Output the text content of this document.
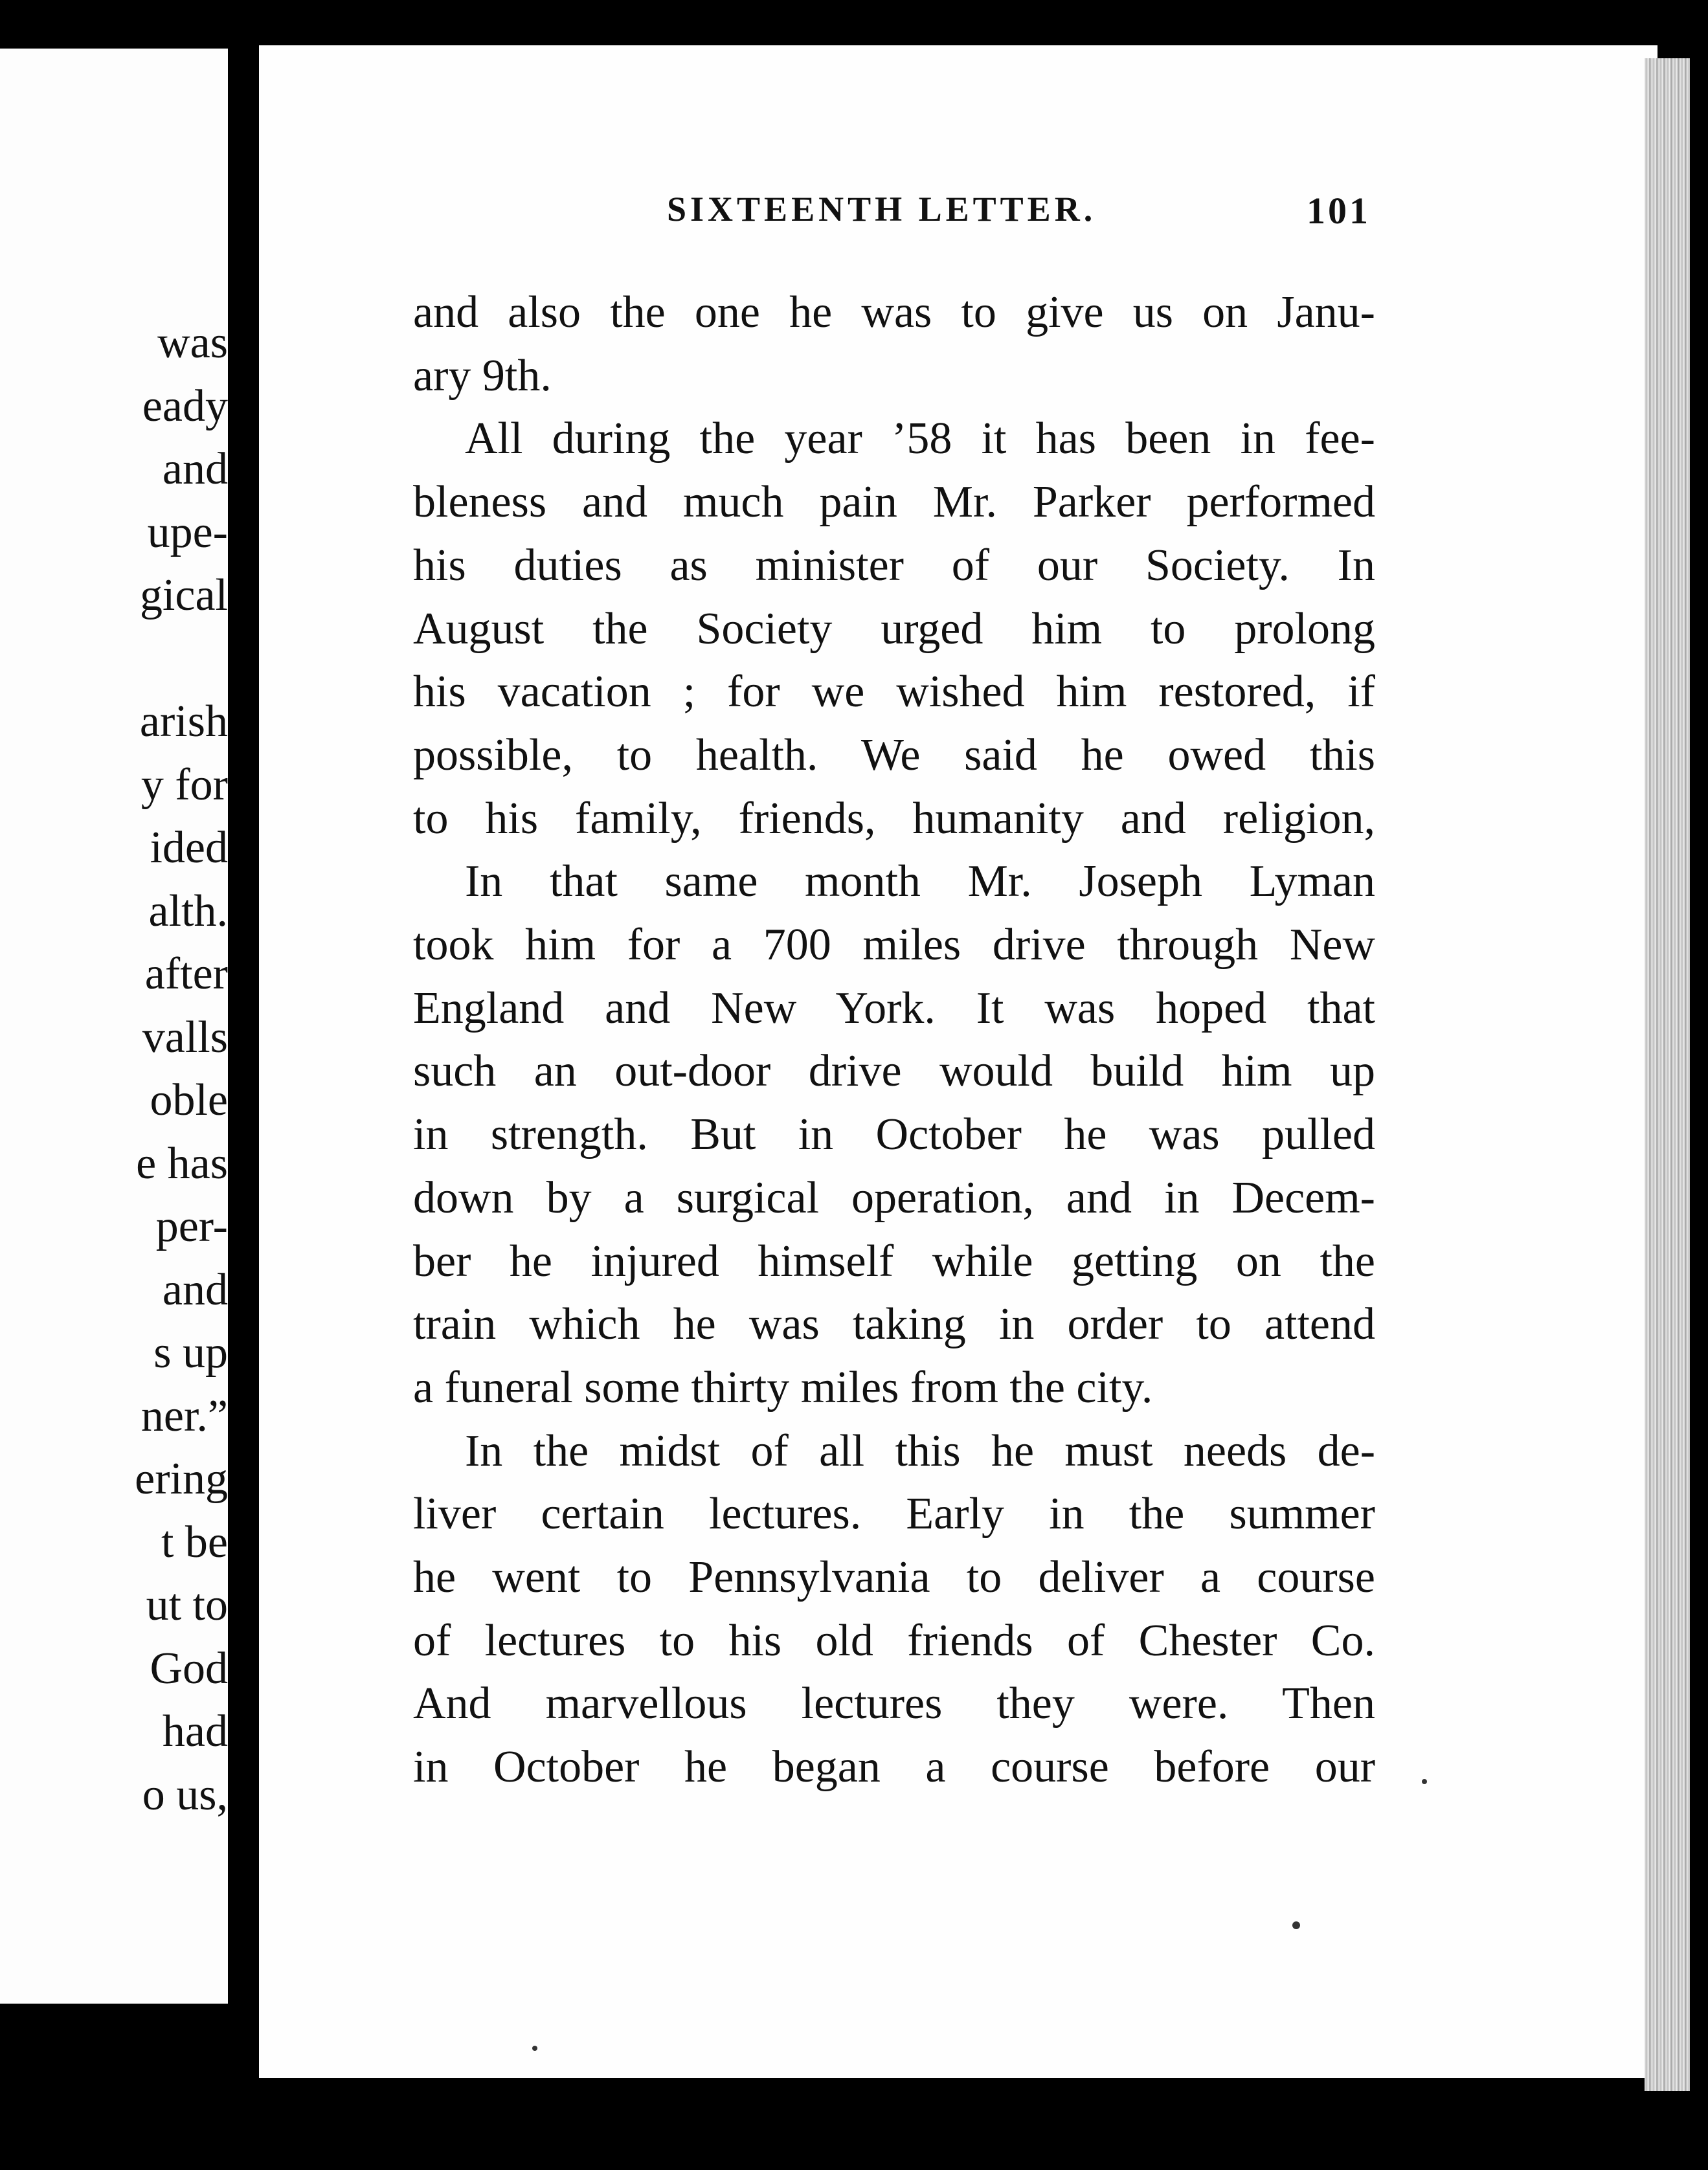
was
eady
and
upe-
gical
arish
y for
ided
alth.
after
valls
oble
e has
per-
and
s up
ner.”
ering
t be
ut to
God
had
o us,
SIXTEENTH LETTER.	101
and also the one he was to give us on Janu-
ary 9th.
All during the year ’58 it has been in fee-
bleness and much pain Mr. Parker performed
his duties as minister of our Society. In
August the Society urged him to prolong
his vacation ; for we wished him restored, if
possible, to health. We said he owed this
to his family, friends, humanity and religion,
In that same month Mr. Joseph Lyman
took him for a 700 miles drive through New
England and New York. It was hoped that
such an out-door drive would build him up
in strength. But in October he was pulled
down by a surgical operation, and in Decem-
ber he injured himself while getting on the
train which he was taking in order to attend
a funeral some thirty miles from the city.
In the midst of all this he must needs de-
liver certain lectures. Early in the summer
he went to Pennsylvania to deliver a course
of lectures to his old friends of Chester Co.
And marvellous lectures they were. Then
in October he began a course before our
